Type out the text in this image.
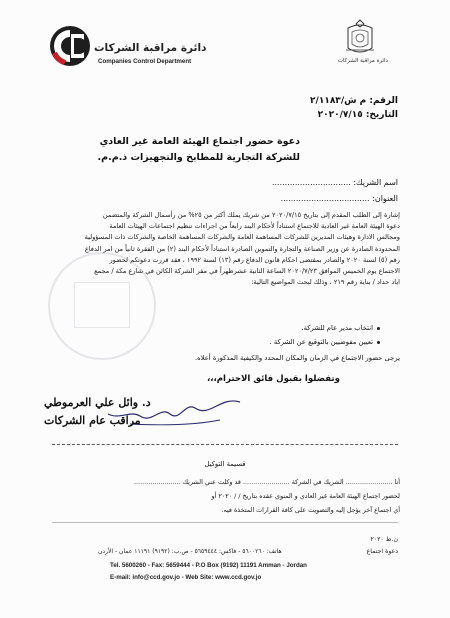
دائرة مراقبة الشركات
Companies Control Department	دائرة مراقبة الشركات
الرقم: م ش/٢/١١٨٣
التاريخ: ٢٠٢٠/٧/١٥
دعوة حضور اجتماع الهيئة العامة غير العادي
للشركة التجارية للمطابخ والتجهيزات ذ.م.م.
اسم الشريك: ...............................
العنوان: ...................................
إشارة إلى الطلب المقدم إلى بتاريخ ٢٠٢٠/٧/١٥ من شريك يملك أكثر من ٢٥% من رأسمال الشركة والمتضمن
دعوة الهيئة العامة غير العادية للاجتماع استناداً لأحكام البند رابعاً من اجراءات تنظيم اجتماعات الهيئات العامة
ومجالس الادارة وهيئات المديرين للشركات المساهمة العامة والشركات المساهمة الخاصة والشركات ذات المسؤولية
المحدودة الصادرة عن وزير الصناعة والتجارة والتموين الصادرة استناداً لأحكام البند (٢) من الفقرة ثانياً من امر الدفاع
رقم (٥) لسنة ٢٠٢٠ والصادر بمقتضى احكام قانون الدفاع رقم (١٣) لسنة ١٩٩٢ ، فقد قررت دعوتكم لحضور
الاجتماع يوم الخميس الموافق ٢٠٢٠/٧/٢٣ الساعة الثانية عشرظهراً في مقر الشركة الكائن في شارع مكة / مجمع
اياد حداد / بناية رقم ٢١٩ ، وذلك لبحث المواضيع التالية:
انتخاب مدير عام للشركة.
تعيين مفوضيين بالتوقيع عن الشركة .
يرجى حضور الاجتماع في الزمان والمكان المحدد والكيفية المذكورة أعلاه.
وتفضلوا بقبول فائق الاحترام،،،
د. وائل علي العرموطي
مراقب عام الشركات
قسيمة التوكيل
أنا ....................... الشريك في الشركة ....................... قد وكلت عني الشريك .......................
لحضور اجتماع الهيئة العامة غير العادي و المنوي عقده بتاريخ / / ٢٠٢٠ أو
أي اجتماع آخر يؤجل إليه والتصويت على كافة القرارات المتخذة فيه.
ن.ط ٢٠٢٠
دعوة اجتماع
هاتف: ٥٦٠٠٢٦٠ - فاكس: ٥٦٥٩٤٤٤ - ص.ب: (٩١٩٢) ١١١٩١ عمان - الأردن
Tel. 5600260 - Fax: 5659444 - P.O Box (9192) 11191 Amman - Jordan
E-mail: info@ccd.gov.jo - Web Site: www.ccd.gov.jo
